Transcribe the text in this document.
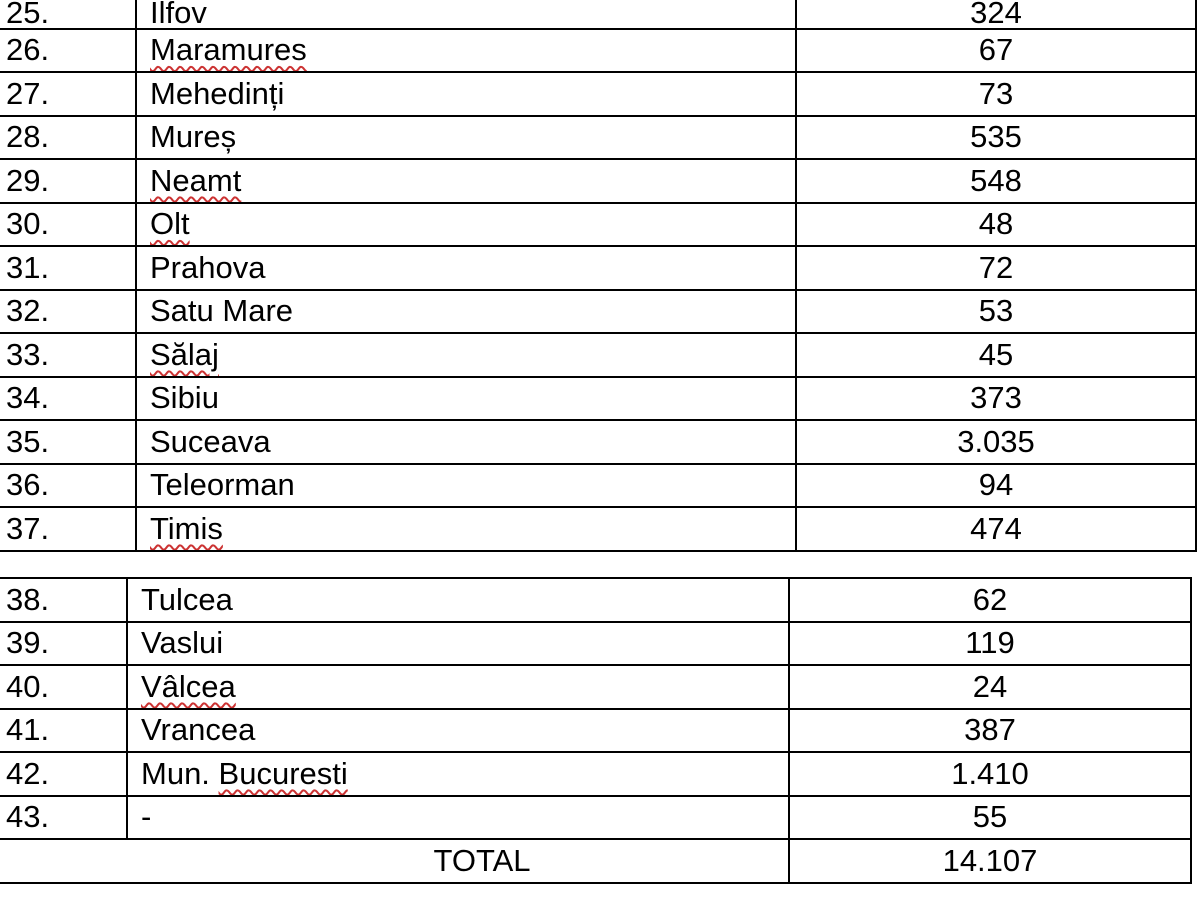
25.	Ilfov	324
26.	Maramures	67
27.	Mehedinți	73
28.	Mureș	535
29.	Neamt	548
30.	Olt	48
31.	Prahova	72
32.	Satu Mare	53
33.	Sălaj	45
34.	Sibiu	373
35.	Suceava	3.035
36.	Teleorman	94
37.	Timis	474
38.	Tulcea	62
39.	Vaslui	119
40.	Vâlcea	24
41.	Vrancea	387
42.	Mun. Bucuresti	1.410
43.	-	55
TOTAL	14.107
